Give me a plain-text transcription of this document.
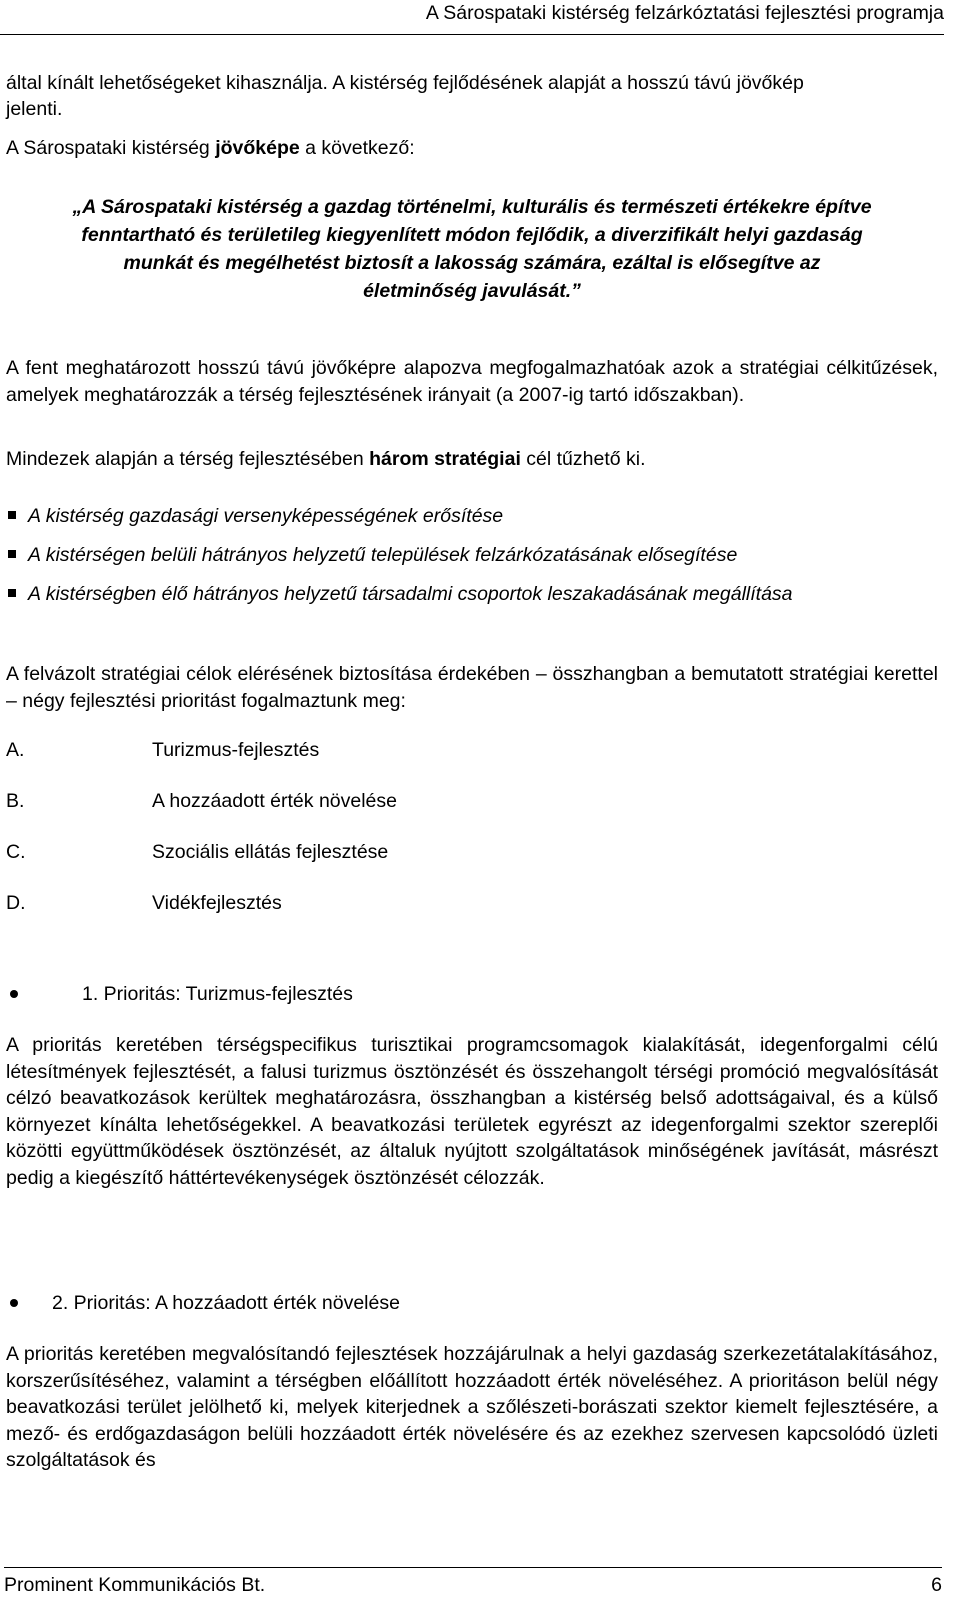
A Sárospataki kistérség felzárkóztatási fejlesztési programja
által kínált lehetőségeket kihasználja. A kistérség fejlődésének alapját a hosszú távú jövőkép
jelenti.
A Sárospataki kistérség jövőképe a következő:
„A Sárospataki kistérség a gazdag történelmi, kulturális és természeti értékekre építve
fenntartható és területileg kiegyenlített módon fejlődik, a diverzifikált helyi gazdaság
munkát és megélhetést biztosít a lakosság számára, ezáltal is elősegítve az
életminőség javulását.”

A fent meghatározott hosszú távú jövőképre alapozva megfogalmazhatóak azok a stratégiai célkitűzések, amelyek meghatározzák a térség fejlesztésének irányait (a 2007-ig tartó időszakban).

Mindezek alapján a térség fejlesztésében három stratégiai cél tűzhető ki.
A kistérség gazdasági versenyképességének erősítése
A kistérségen belüli hátrányos helyzetű települések felzárkózatásának elősegítése
A kistérségben élő hátrányos helyzetű társadalmi csoportok leszakadásának megállítása

A felvázolt stratégiai célok elérésének biztosítása érdekében – összhangban a bemutatott stratégiai kerettel – négy fejlesztési prioritást fogalmaztunk meg:

A.	Turizmus-fejlesztés
B.	A hozzáadott érték növelése
C.	Szociális ellátás fejlesztése
D.	Vidékfejlesztés
1. Prioritás: Turizmus-fejlesztés

A prioritás keretében térségspecifikus turisztikai programcsomagok kialakítását, idegenforgalmi célú létesítmények fejlesztését, a falusi turizmus ösztönzését és összehangolt térségi promóció megvalósítását célzó beavatkozások kerültek meghatározásra, összhangban a kistérség belső adottságaival, és a külső környezet kínálta lehetőségekkel. A beavatkozási területek egyrészt az idegenforgalmi szektor szereplői közötti együttműködések ösztönzését, az általuk nyújtott szolgáltatások minőségének javítását, másrészt pedig a kiegészítő háttértevékenységek ösztönzését célozzák.

2. Prioritás: A hozzáadott érték növelése

A prioritás keretében megvalósítandó fejlesztések hozzájárulnak a helyi gazdaság szerkezetátalakításához, korszerűsítéséhez, valamint a térségben előállított hozzáadott érték növeléséhez. A prioritáson belül négy beavatkozási terület jelölhető ki, melyek kiterjednek a szőlészeti-borászati szektor kiemelt fejlesztésére, a mező- és erdőgazdaságon belüli hozzáadott érték növelésére és az ezekhez szervesen kapcsolódó üzleti szolgáltatások és

Prominent Kommunikációs Bt.	6
